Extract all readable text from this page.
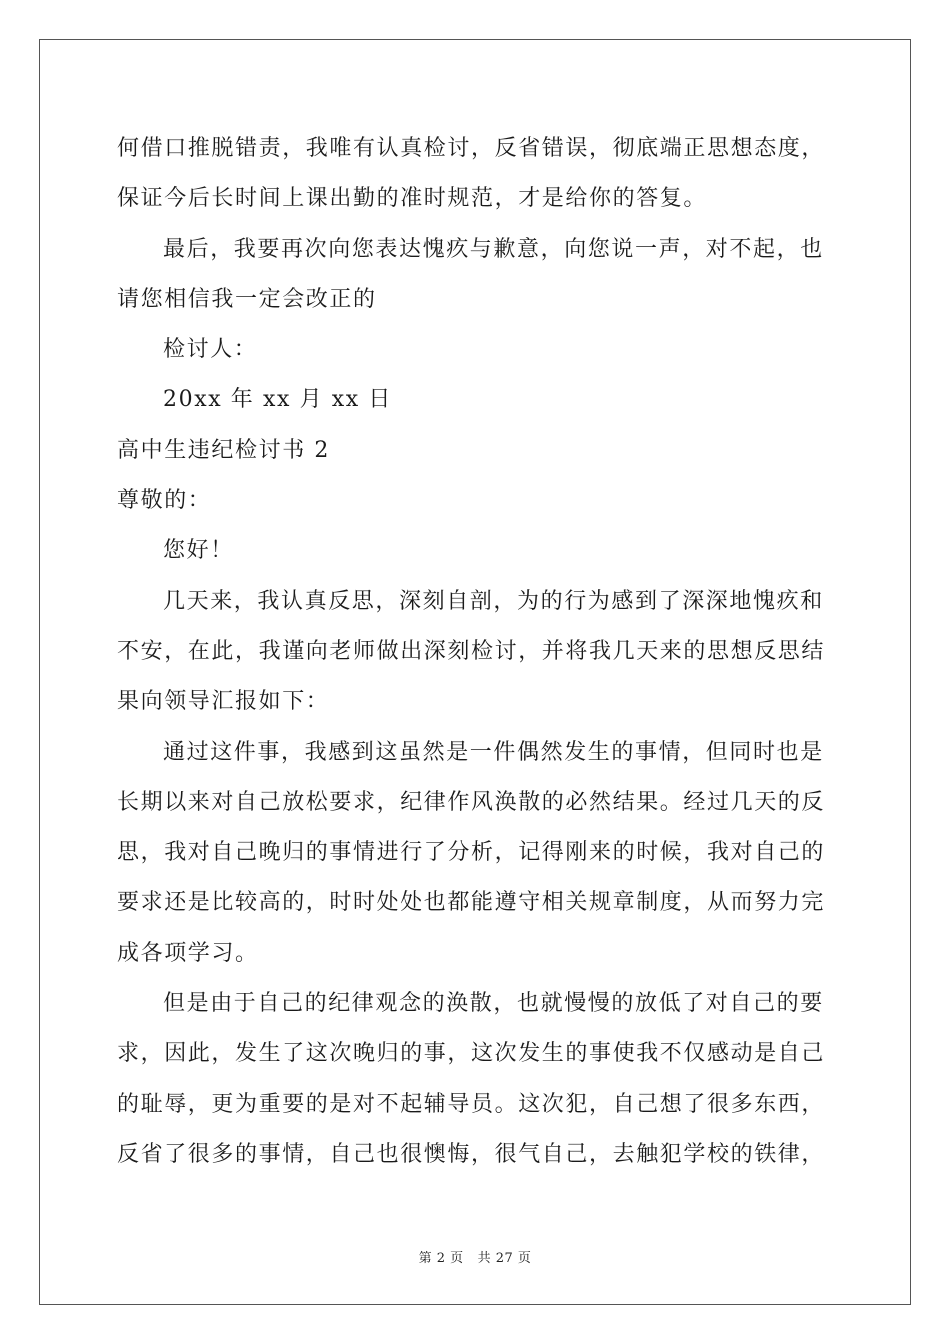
何借口推脱错责，我唯有认真检讨，反省错误，彻底端正思想态度，
保证今后长时间上课出勤的准时规范，才是给你的答复。
最后，我要再次向您表达愧疚与歉意，向您说一声，对不起，也
请您相信我一定会改正的
检讨人：
20xx 年 xx 月 xx 日
高中生违纪检讨书 2
尊敬的：
您好！
几天来，我认真反思，深刻自剖，为的行为感到了深深地愧疚和
不安，在此，我谨向老师做出深刻检讨，并将我几天来的思想反思结
果向领导汇报如下：
通过这件事，我感到这虽然是一件偶然发生的事情，但同时也是
长期以来对自己放松要求，纪律作风涣散的必然结果。经过几天的反
思，我对自己晚归的事情进行了分析，记得刚来的时候，我对自己的
要求还是比较高的，时时处处也都能遵守相关规章制度，从而努力完
成各项学习。
但是由于自己的纪律观念的涣散，也就慢慢的放低了对自己的要
求，因此，发生了这次晚归的事，这次发生的事使我不仅感动是自己
的耻辱，更为重要的是对不起辅导员。这次犯，自己想了很多东西，
反省了很多的事情，自己也很懊悔，很气自己，去触犯学校的铁律，
第 2 页 共 27 页
